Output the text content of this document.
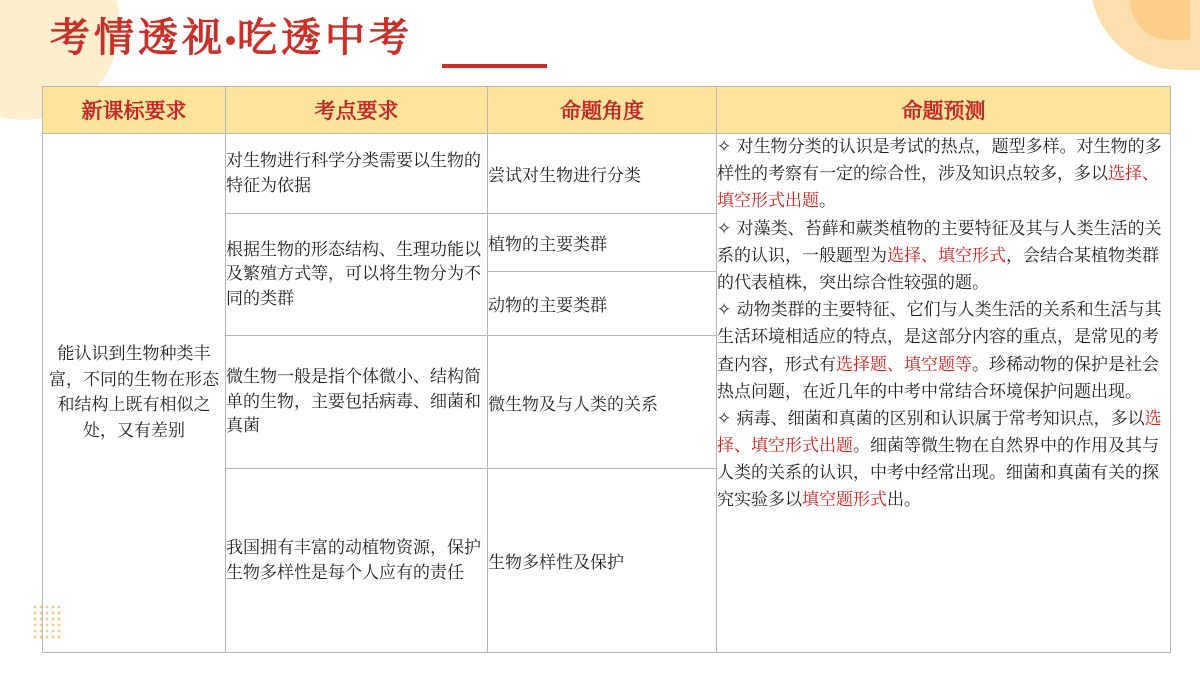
考情透视 吃透中考
新课标要求	考点要求	命题角度	命题预测
能认识到生物种类丰富，不同的生物在形态和结构上既有相似之处，又有差别	对生物进行科学分类需要以生物的特征为依据	尝试对生物进行分类	✧ 对生物分类的认识是考试的热点，题型多样。对生物的多样性的考察有一定的综合性，涉及知识点较多，多以选择、填空形式出题。
✧ 对藻类、苔藓和蕨类植物的主要特征及其与人类生活的关系的认识，一般题型为选择、填空形式，会结合某植物类群的代表植株，突出综合性较强的题。
✧ 动物类群的主要特征、它们与人类生活的关系和生活与其生活环境相适应的特点，是这部分内容的重点，是常见的考查内容，形式有选择题、填空题等。珍稀动物的保护是社会热点问题，在近几年的中考中常结合环境保护问题出现。
✧ 病毒、细菌和真菌的区别和认识属于常考知识点，多以选择、填空形式出题。细菌等微生物在自然界中的作用及其与人类的关系的认识，中考中经常出现。细菌和真菌有关的探究实验多以填空题形式出。

	根据生物的形态结构、生理功能以及繁殖方式等，可以将生物分为不同的类群	植物的主要类群	
		动物的主要类群	
	微生物一般是指个体微小、结构简单的生物，主要包括病毒、细菌和真菌	微生物及与人类的关系	
	我国拥有丰富的动植物资源，保护生物多样性是每个人应有的责任	生物多样性及保护	
